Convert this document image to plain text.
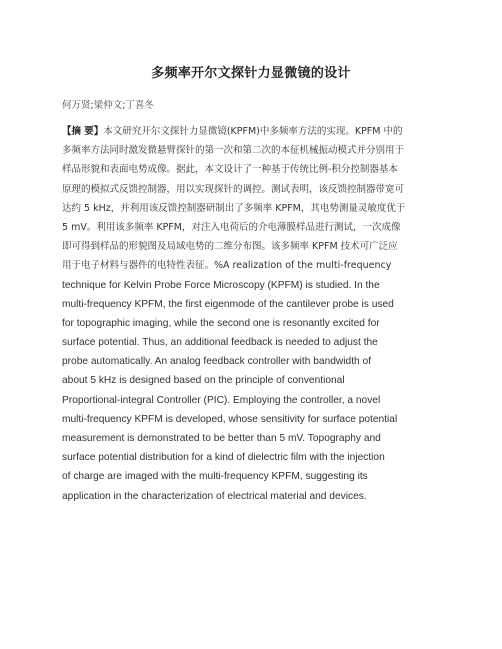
多频率开尔文探针力显微镜的设计
何万贤;梁仲文;丁喜冬
【摘 要】本文研究开尔文探针力显微镜(KPFM)中多频率方法的实现。KPFM 中的
多频率方法同时激发微悬臂探针的第一次和第二次的本征机械振动模式并分别用于
样品形貌和表面电势成像。据此，本文设计了一种基于传统比例-积分控制器基本
原理的模拟式反馈控制器，用以实现探针的调控。测试表明，该反馈控制器带宽可
达约 5 kHz，并利用该反馈控制器研制出了多频率 KPFM，其电势测量灵敏度优于
5 mV。利用该多频率 KPFM，对注入电荷后的介电薄膜样品进行测试，一次成像
即可得到样品的形貌图及局域电势的二维分布图。该多频率 KPFM 技术可广泛应
用于电子材料与器件的电特性表征。%A realization of the multi-frequency
technique for Kelvin Probe Force Microscopy (KPFM) is studied. In the
multi-frequency KPFM, the first eigenmode of the cantilever probe is used
for topographic imaging, while the second one is resonantly excited for
surface potential. Thus, an additional feedback is needed to adjust the
probe automatically. An analog feedback controller with bandwidth of
about 5 kHz is designed based on the principle of conventional
Proportional-integral Controller (PIC). Employing the controller, a novel
multi-frequency KPFM is developed, whose sensitivity for surface potential
measurement is demonstrated to be better than 5 mV. Topography and
surface potential distribution for a kind of dielectric film with the injection
of charge are imaged with the multi-frequency KPFM, suggesting its
application in the characterization of electrical material and devices.
